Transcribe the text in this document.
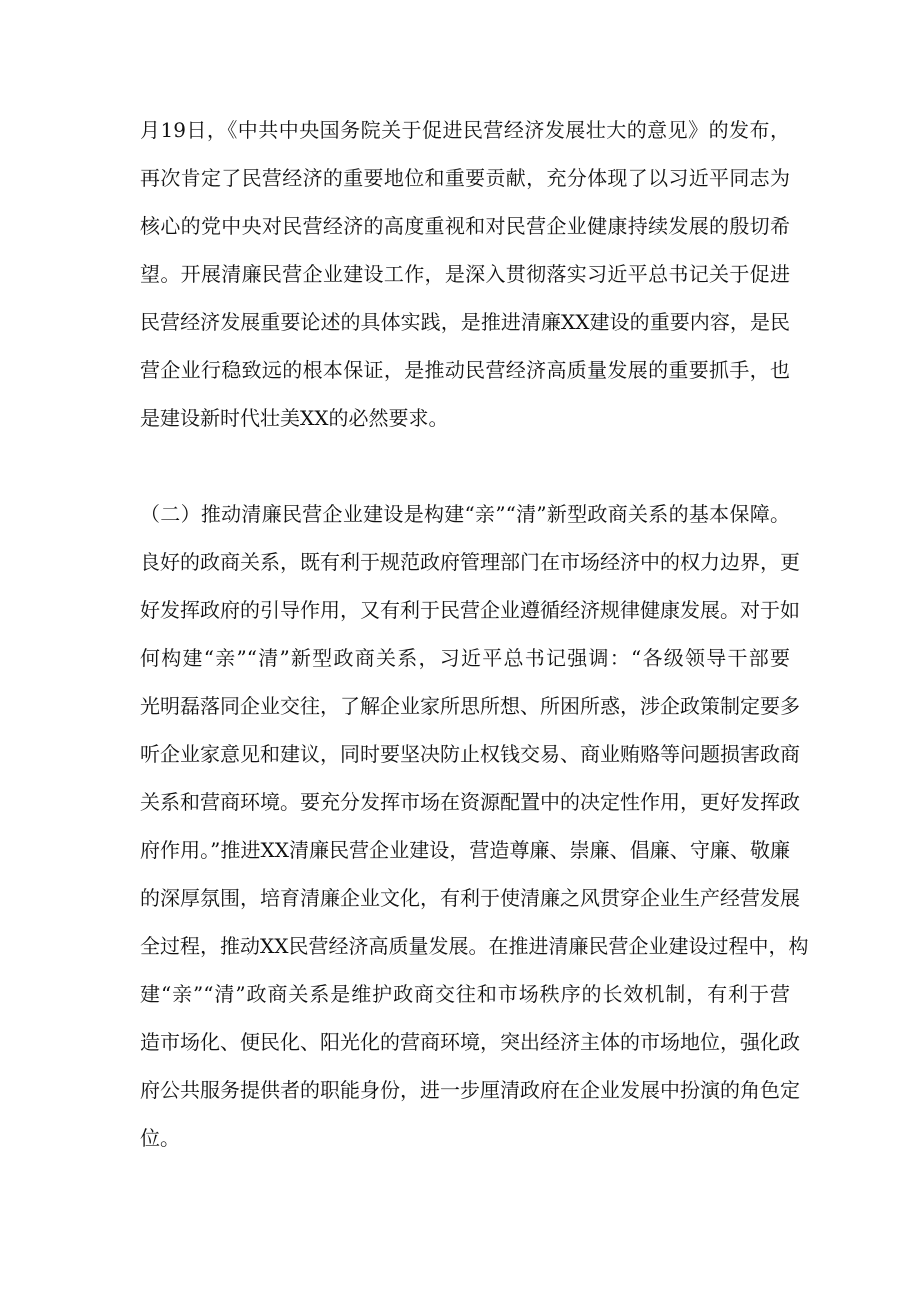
月19日，《中共中央国务院关于促进民营经济发展壮大的意见》的发布，
再次肯定了民营经济的重要地位和重要贡献，充分体现了以习近平同志为
核心的党中央对民营经济的高度重视和对民营企业健康持续发展的殷切希
望。开展清廉民营企业建设工作，是深入贯彻落实习近平总书记关于促进
民营经济发展重要论述的具体实践，是推进清廉XX建设的重要内容，是民
营企业行稳致远的根本保证，是推动民营经济高质量发展的重要抓手，也
是建设新时代壮美XX的必然要求。
（二）推动清廉民营企业建设是构建“亲”“清”新型政商关系的基本保障。
良好的政商关系，既有利于规范政府管理部门在市场经济中的权力边界，更
好发挥政府的引导作用，又有利于民营企业遵循经济规律健康发展。对于如
何构建“亲”“清”新型政商关系，习近平总书记强调：“各级领导干部要
光明磊落同企业交往，了解企业家所思所想、所困所惑，涉企政策制定要多
听企业家意见和建议，同时要坚决防止权钱交易、商业贿赂等问题损害政商
关系和营商环境。要充分发挥市场在资源配置中的决定性作用，更好发挥政
府作用。”推进XX清廉民营企业建设，营造尊廉、崇廉、倡廉、守廉、敬廉
的深厚氛围，培育清廉企业文化，有利于使清廉之风贯穿企业生产经营发展
全过程，推动XX民营经济高质量发展。在推进清廉民营企业建设过程中，构
建“亲”“清”政商关系是维护政商交往和市场秩序的长效机制，有利于营
造市场化、便民化、阳光化的营商环境，突出经济主体的市场地位，强化政
府公共服务提供者的职能身份，进一步厘清政府在企业发展中扮演的角色定
位。
